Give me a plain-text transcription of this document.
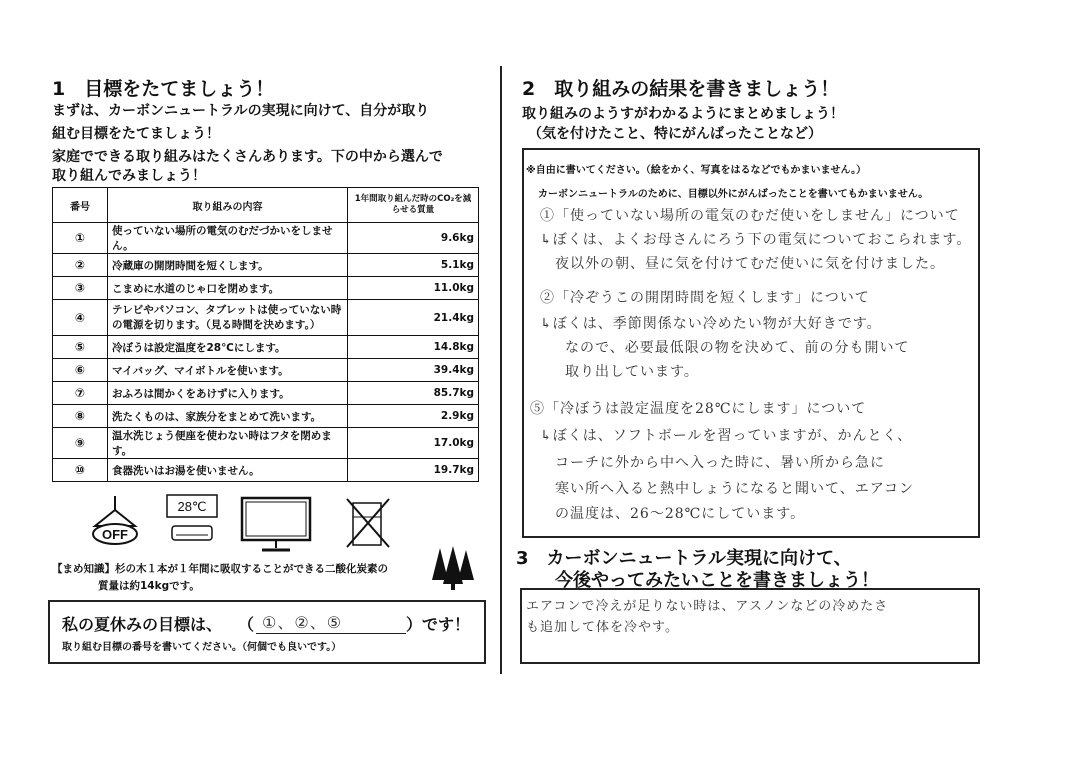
1　目標をたてましょう！
まずは、カーボンニュートラルの実現に向けて、自分が取り
組む目標をたてましょう！
家庭でできる取り組みはたくさんあります。下の中から選んで
取り組んでみましょう！
番号	取り組みの内容	1年間取り組んだ時のCO₂を減らせる質量
①	使っていない場所の電気のむだづかいをしません。	9.6kg
②	冷蔵庫の開閉時間を短くします。	5.1kg
③	こまめに水道のじゃ口を閉めます。	11.0kg
④	テレビやパソコン、タブレットは使っていない時の電源を切ります。（見る時間を決めます。）	21.4kg
⑤	冷ぼうは設定温度を28℃にします。	14.8kg
⑥	マイバッグ、マイボトルを使います。	39.4kg
⑦	おふろは間かくをあけずに入ります。	85.7kg
⑧	洗たくものは、家族分をまとめて洗います。	2.9kg
⑨	温水洗じょう便座を使わない時はフタを閉めます。	17.0kg
⑩	食器洗いはお湯を使いません。	19.7kg
OFF
28℃
【まめ知識】杉の木１本が１年間に吸収することができる二酸化炭素の
質量は約14kgです。
私の夏休みの目標は、 （ ①、②、⑤	）です！
取り組む目標の番号を書いてください。（何個でも良いです。）
2　取り組みの結果を書きましょう！
取り組みのようすがわかるようにまとめましょう！
（気を付けたこと、特にがんばったことなど）
※自由に書いてください。（絵をかく、写真をはるなどでもかまいません。）
カーボンニュートラルのために、目標以外にがんばったことを書いてもかまいません。
①「使っていない場所の電気のむだ使いをしません」について
↳ぼくは、よくお母さんにろう下の電気についておこられます。
夜以外の朝、昼に気を付けてむだ使いに気を付けました。
②「冷ぞうこの開閉時間を短くします」について
↳ぼくは、季節関係ない冷めたい物が大好きです。
なので、必要最低限の物を決めて、前の分も開いて
取り出しています。
⑤「冷ぼうは設定温度を28℃にします」について
↳ぼくは、ソフトボールを習っていますが、かんとく、
コーチに外から中へ入った時に、暑い所から急に
寒い所へ入ると熱中しょうになると聞いて、エアコン
の温度は、26～28℃にしています。
3　カーボンニュートラル実現に向けて、
今後やってみたいことを書きましょう！
エアコンで冷えが足りない時は、アスノンなどの冷めたさ
も追加して体を冷やす。
